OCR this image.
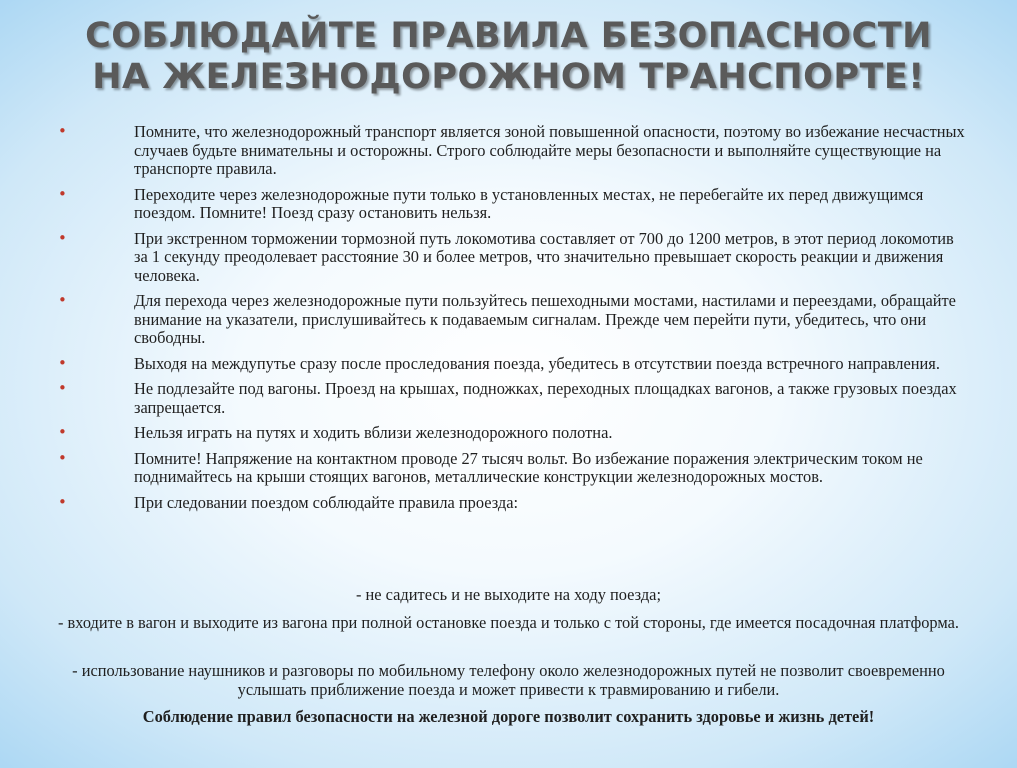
СОБЛЮДАЙТЕ ПРАВИЛА БЕЗОПАСНОСТИ
НА ЖЕЛЕЗНОДОРОЖНОМ ТРАНСПОРТЕ!
•	Помните, что железнодорожный транспорт является зоной повышенной опасности, поэтому во избежание несчастных случаев будьте внимательны и осторожны. Строго соблюдайте меры безопасности и выполняйте существующие на транспорте правила.
•	Переходите через железнодорожные пути только в установленных местах, не перебегайте их перед движущимся поездом. Помните! Поезд сразу остановить нельзя.
•	При экстренном торможении тормозной путь локомотива составляет от 700 до 1200 метров, в этот период локомотив за 1 секунду преодолевает расстояние 30 и более метров, что значительно превышает скорость реакции и движения человека.
•	Для перехода через железнодорожные пути пользуйтесь пешеходными мостами, настилами и переездами, обращайте внимание на указатели, прислушивайтесь к подаваемым сигналам. Прежде чем перейти пути, убедитесь, что они свободны.
•	Выходя на междупутье сразу после проследования поезда, убедитесь в отсутствии поезда встречного направления.
•	Не подлезайте под вагоны. Проезд на крышах, подножках, переходных площадках вагонов, а также грузовых поездах запрещается.
•	Нельзя играть на путях и ходить вблизи железнодорожного полотна.
•	Помните! Напряжение на контактном проводе 27 тысяч вольт. Во избежание поражения электрическим током не поднимайтесь на крыши стоящих вагонов, металлические конструкции железнодорожных мостов.
•	При следовании поездом соблюдайте правила проезда:
- не садитесь и не выходите на ходу поезда;
- входите в вагон и выходите из вагона при полной остановке поезда и только с той стороны, где имеется посадочная платформа.
- использование наушников и разговоры по мобильному телефону около железнодорожных путей не позволит своевременно услышать приближение поезда и может привести к травмированию и гибели.
Соблюдение правил безопасности на железной дороге позволит сохранить здоровье и жизнь детей!
